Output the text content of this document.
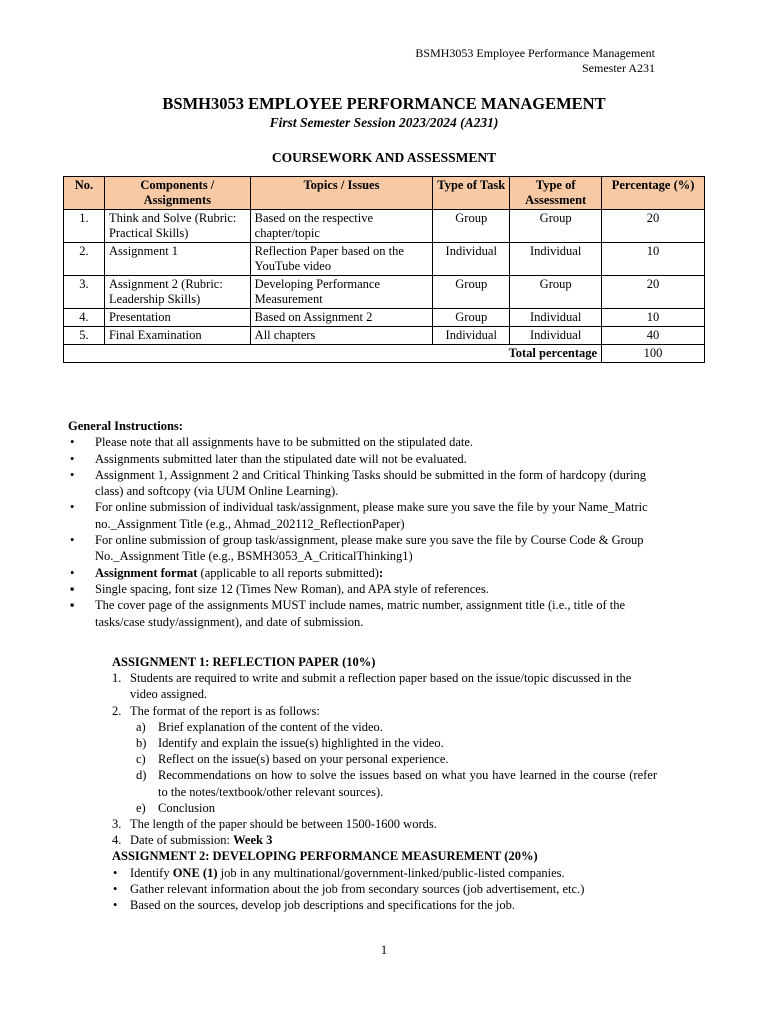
BSMH3053 Employee Performance Management
Semester A231
BSMH3053 EMPLOYEE PERFORMANCE MANAGEMENT
First Semester Session 2023/2024 (A231)
COURSEWORK AND ASSESSMENT
No.	Components / Assignments	Topics / Issues	Type of Task	Type of Assessment	Percentage (%)
1.	Think and Solve (Rubric: Practical Skills)	Based on the respective chapter/topic	Group	Group	20
2.	Assignment 1	Reflection Paper based on the YouTube video	Individual	Individual	10
3.	Assignment 2 (Rubric: Leadership Skills)	Developing Performance Measurement	Group	Group	20
4.	Presentation	Based on Assignment 2	Group	Individual	10
5.	Final Examination	All chapters	Individual	Individual	40
Total percentage					100
General Instructions:
• Please note that all assignments have to be submitted on the stipulated date.
• Assignments submitted later than the stipulated date will not be evaluated.
• Assignment 1, Assignment 2 and Critical Thinking Tasks should be submitted in the form of hardcopy (during class) and softcopy (via UUM Online Learning).
• For online submission of individual task/assignment, please make sure you save the file by your Name_Matric no._Assignment Title (e.g., Ahmad_202112_ReflectionPaper)
• For online submission of group task/assignment, please make sure you save the file by Course Code & Group No._Assignment Title (e.g., BSMH3053_A_CriticalThinking1)
• Assignment format (applicable to all reports submitted):
▪ Single spacing, font size 12 (Times New Roman), and APA style of references.
▪ The cover page of the assignments MUST include names, matric number, assignment title (i.e., title of the tasks/case study/assignment), and date of submission.
ASSIGNMENT 1: REFLECTION PAPER (10%)
1. Students are required to write and submit a reflection paper based on the issue/topic discussed in the video assigned.
2. The format of the report is as follows:
a) Brief explanation of the content of the video.
b) Identify and explain the issue(s) highlighted in the video.
c) Reflect on the issue(s) based on your personal experience.
d) Recommendations on how to solve the issues based on what you have learned in the course (refer to the notes/textbook/other relevant sources).
e) Conclusion
3. The length of the paper should be between 1500-1600 words.
4. Date of submission: Week 3
ASSIGNMENT 2: DEVELOPING PERFORMANCE MEASUREMENT (20%)
• Identify ONE (1) job in any multinational/government-linked/public-listed companies.
• Gather relevant information about the job from secondary sources (job advertisement, etc.)
• Based on the sources, develop job descriptions and specifications for the job.
1
